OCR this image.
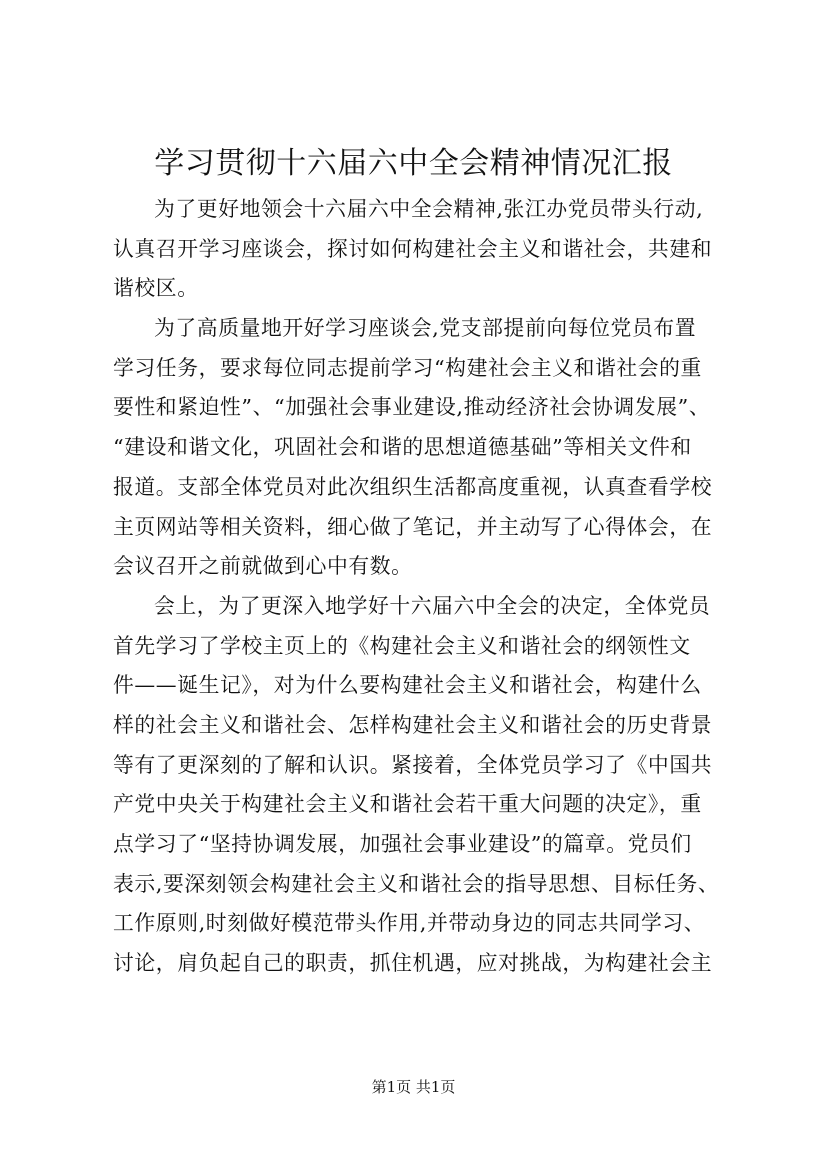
学习贯彻十六届六中全会精神情况汇报
为了更好地领会十六届六中全会精神,张江办党员带头行动,
认真召开学习座谈会，探讨如何构建社会主义和谐社会，共建和
谐校区。
为了高质量地开好学习座谈会,党支部提前向每位党员布置
学习任务，要求每位同志提前学习“构建社会主义和谐社会的重
要性和紧迫性”、“加强社会事业建设,推动经济社会协调发展”、
“建设和谐文化，巩固社会和谐的思想道德基础”等相关文件和
报道。支部全体党员对此次组织生活都高度重视，认真查看学校
主页网站等相关资料，细心做了笔记，并主动写了心得体会，在
会议召开之前就做到心中有数。
会上，为了更深入地学好十六届六中全会的决定，全体党员
首先学习了学校主页上的《构建社会主义和谐社会的纲领性文
件——诞生记》，对为什么要构建社会主义和谐社会，构建什么
样的社会主义和谐社会、怎样构建社会主义和谐社会的历史背景
等有了更深刻的了解和认识。紧接着，全体党员学习了《中国共
产党中央关于构建社会主义和谐社会若干重大问题的决定》，重
点学习了“坚持协调发展，加强社会事业建设”的篇章。党员们
表示,要深刻领会构建社会主义和谐社会的指导思想、目标任务、
工作原则,时刻做好模范带头作用,并带动身边的同志共同学习、
讨论，肩负起自己的职责，抓住机遇，应对挑战，为构建社会主
第1页 共1页
